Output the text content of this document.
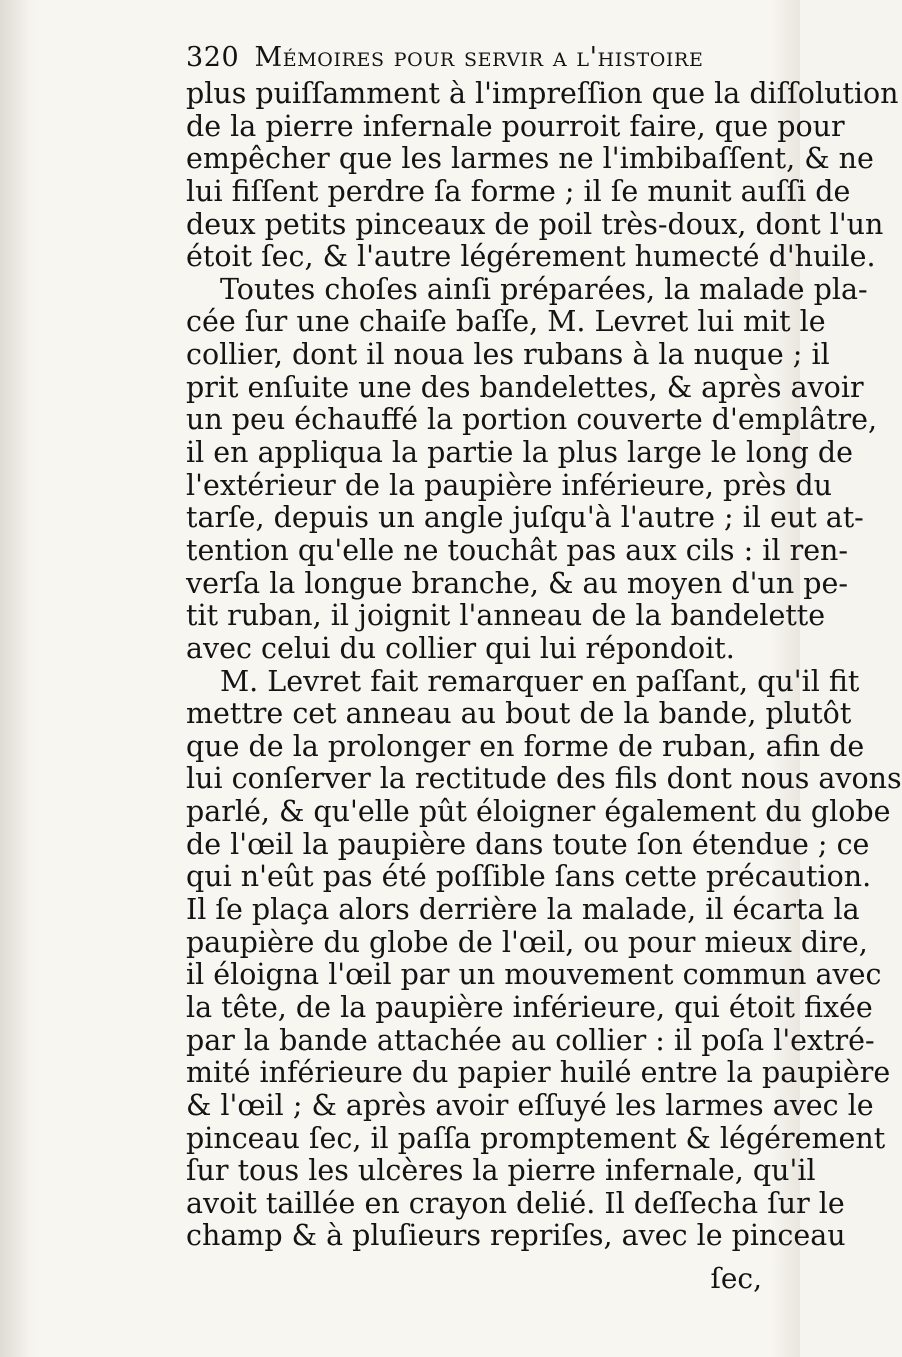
320 Mémoires pour servir a l'histoire
plus puiſſamment à l'impreſſion que la diſſolution
de la pierre infernale pourroit faire, que pour
empêcher que les larmes ne l'imbibaſſent, & ne
lui fiſſent perdre ſa forme ; il ſe munit auſſi de
deux petits pinceaux de poil très-doux, dont l'un
étoit ſec, & l'autre légérement humecté d'huile.
Toutes choſes ainſi préparées, la malade pla-
cée ſur une chaiſe baſſe, M. Levret lui mit le
collier, dont il noua les rubans à la nuque ; il
prit enſuite une des bandelettes, & après avoir
un peu échauffé la portion couverte d'emplâtre,
il en appliqua la partie la plus large le long de
l'extérieur de la paupière inférieure, près du
tarſe, depuis un angle juſqu'à l'autre ; il eut at-
tention qu'elle ne touchât pas aux cils : il ren-
verſa la longue branche, & au moyen d'un pe-
tit ruban, il joignit l'anneau de la bandelette
avec celui du collier qui lui répondoit.
M. Levret fait remarquer en paſſant, qu'il fit
mettre cet anneau au bout de la bande, plutôt
que de la prolonger en forme de ruban, afin de
lui conſerver la rectitude des fils dont nous avons
parlé, & qu'elle pût éloigner également du globe
de l'œil la paupière dans toute ſon étendue ; ce
qui n'eût pas été poſſible ſans cette précaution.
Il ſe plaça alors derrière la malade, il écarta la
paupière du globe de l'œil, ou pour mieux dire,
il éloigna l'œil par un mouvement commun avec
la tête, de la paupière inférieure, qui étoit fixée
par la bande attachée au collier : il poſa l'extré-
mité inférieure du papier huilé entre la paupière
& l'œil ; & après avoir eſſuyé les larmes avec le
pinceau ſec, il paſſa promptement & légérement
ſur tous les ulcères la pierre infernale, qu'il
avoit taillée en crayon delié. Il deſſecha ſur le
champ & à pluſieurs repriſes, avec le pinceau
ſec,
